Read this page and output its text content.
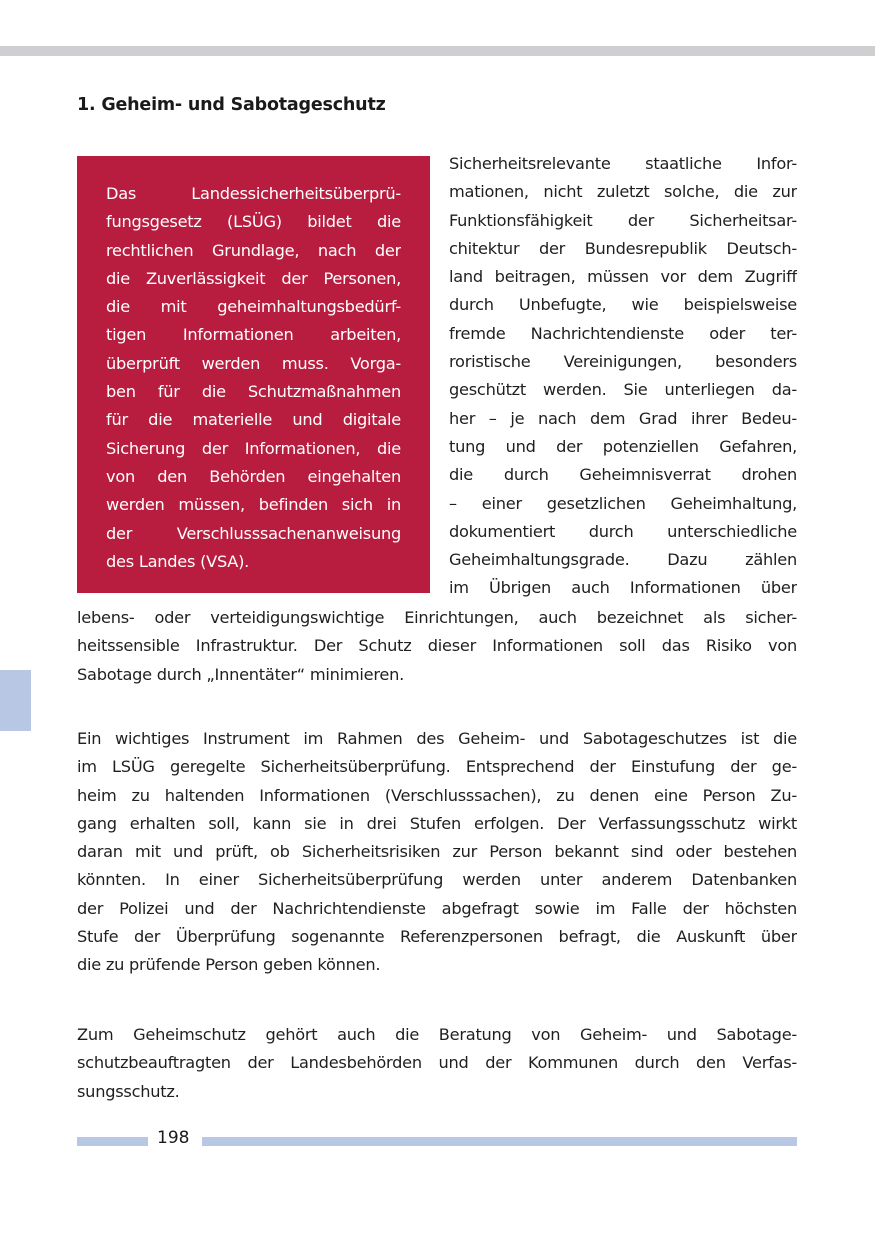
1. Geheim- und Sabotageschutz
Das Landessicherheitsüberprü-
fungsgesetz (LSÜG) bildet die
rechtlichen Grundlage, nach der
die Zuverlässigkeit der Personen,
die mit geheimhaltungsbedürf-
tigen Informationen arbeiten,
überprüft werden muss. Vorga-
ben für die Schutzmaßnahmen
für die materielle und digitale
Sicherung der Informationen, die
von den Behörden eingehalten
werden müssen, befinden sich in
der Verschlusssachenanweisung
des Landes (VSA).
Sicherheitsrelevante staatliche Infor-
mationen, nicht zuletzt solche, die zur
Funktionsfähigkeit der Sicherheitsar-
chitektur der Bundesrepublik Deutsch-
land beitragen, müssen vor dem Zugriff
durch Unbefugte, wie beispielsweise
fremde Nachrichtendienste oder ter-
roristische Vereinigungen, besonders
geschützt werden. Sie unterliegen da-
her – je nach dem Grad ihrer Bedeu-
tung und der potenziellen Gefahren,
die durch Geheimnisverrat drohen
– einer gesetzlichen Geheimhaltung,
dokumentiert durch unterschiedliche
Geheimhaltungsgrade. Dazu zählen
im Übrigen auch Informationen über
lebens- oder verteidigungswichtige Einrichtungen, auch bezeichnet als sicher-
heitssensible Infrastruktur. Der Schutz dieser Informationen soll das Risiko von
Sabotage durch „Innentäter“ minimieren.
Ein wichtiges Instrument im Rahmen des Geheim- und Sabotageschutzes ist die
im LSÜG geregelte Sicherheitsüberprüfung. Entsprechend der Einstufung der ge-
heim zu haltenden Informationen (Verschlusssachen), zu denen eine Person Zu-
gang erhalten soll, kann sie in drei Stufen erfolgen. Der Verfassungsschutz wirkt
daran mit und prüft, ob Sicherheitsrisiken zur Person bekannt sind oder bestehen
könnten. In einer Sicherheitsüberprüfung werden unter anderem Datenbanken
der Polizei und der Nachrichtendienste abgefragt sowie im Falle der höchsten
Stufe der Überprüfung sogenannte Referenzpersonen befragt, die Auskunft über
die zu prüfende Person geben können.
Zum Geheimschutz gehört auch die Beratung von Geheim- und Sabotage-
schutzbeauftragten der Landesbehörden und der Kommunen durch den Verfas-
sungsschutz.
198
